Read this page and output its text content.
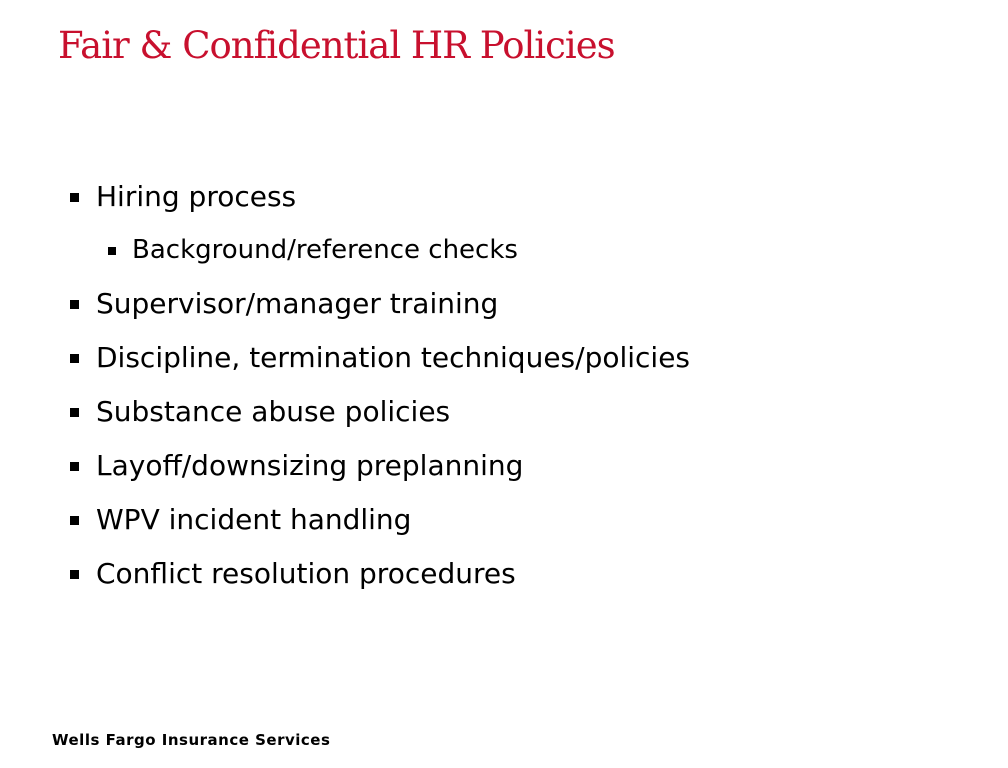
Fair & Confidential HR Policies
Hiring process
Background/reference checks
Supervisor/manager training
Discipline, termination techniques/policies
Substance abuse policies
Layoff/downsizing preplanning
WPV incident handling
Conflict resolution procedures
Wells Fargo Insurance Services
